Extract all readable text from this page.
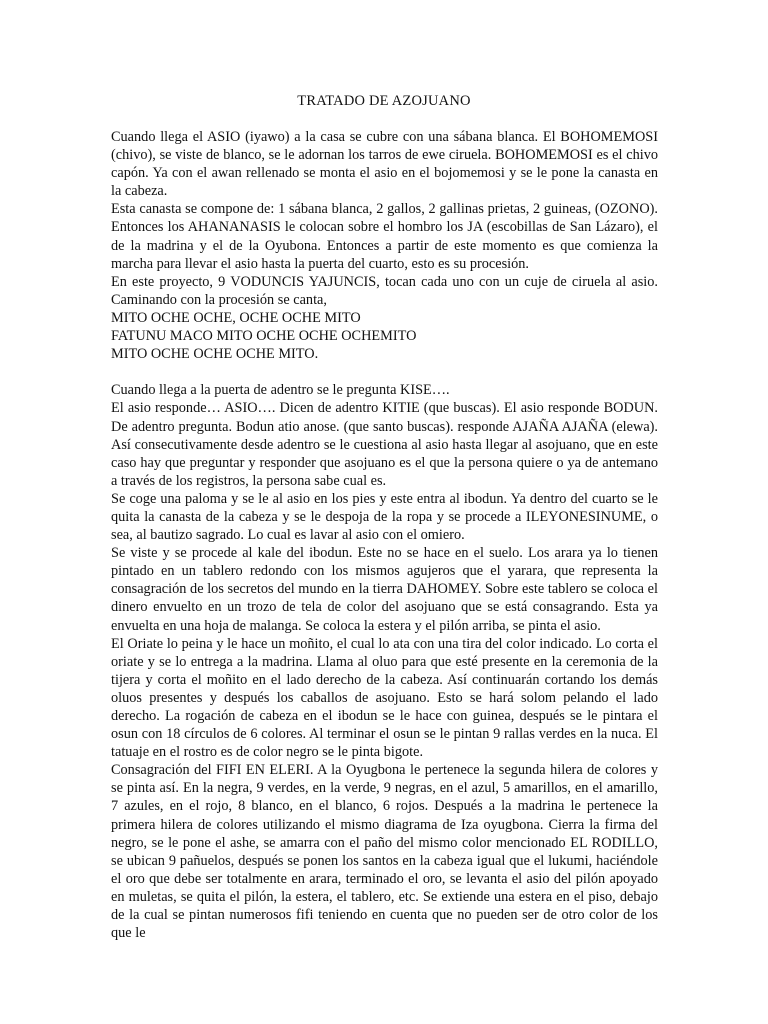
TRATADO DE AZOJUANO

Cuando llega el ASIO (iyawo) a la casa se cubre con una sábana blanca. El BOHOMEMOSI (chivo), se viste de blanco, se le adornan los tarros de ewe ciruela. BOHOMEMOSI es el chivo capón. Ya con el awan rellenado se monta el asio en el bojomemosi y se le pone la canasta en la cabeza.

Esta canasta se compone de: 1 sábana blanca, 2 gallos, 2 gallinas prietas, 2 guineas, (OZONO). Entonces los AHANANASIS le colocan sobre el hombro los JA (escobillas de San Lázaro), el de la madrina y el de la Oyubona. Entonces a partir de este momento es que comienza la marcha para llevar el asio hasta la puerta del cuarto, esto es su procesión.

En este proyecto, 9 VODUNCIS YAJUNCIS, tocan cada uno con un cuje de ciruela al asio. Caminando con la procesión se canta,

MITO OCHE OCHE, OCHE OCHE MITO

FATUNU MACO MITO OCHE OCHE OCHEMITO

MITO OCHE OCHE OCHE MITO.

Cuando llega a la puerta de adentro se le pregunta KISE….

El asio responde… ASIO…. Dicen de adentro KITIE (que buscas). El asio responde BODUN. De adentro pregunta. Bodun atio anose. (que santo buscas). responde AJAÑA AJAÑA (elewa). Así consecutivamente desde adentro se le cuestiona al asio hasta llegar al asojuano, que en este caso hay que preguntar y responder que asojuano es el que la persona quiere o ya de antemano a través de los registros, la persona sabe cual es.

Se coge una paloma y se le al asio en los pies y este entra al ibodun. Ya dentro del cuarto se le quita la canasta de la cabeza y se le despoja de la ropa y se procede a ILEYONESINUME, o sea, al bautizo sagrado. Lo cual es lavar al asio con el omiero.

Se viste y se procede al kale del ibodun. Este no se hace en el suelo. Los arara ya lo tienen pintado en un tablero redondo con los mismos agujeros que el yarara, que representa la consagración de los secretos del mundo en la tierra DAHOMEY. Sobre este tablero se coloca el dinero envuelto en un trozo de tela de color del asojuano que se está consagrando. Esta ya envuelta en una hoja de malanga. Se coloca la estera y el pilón arriba, se pinta el asio.

El Oriate lo peina y le hace un moñito, el cual lo ata con una tira del color indicado. Lo corta el oriate y se lo entrega a la madrina. Llama al oluo para que esté presente en la ceremonia de la tijera y corta el moñito en el lado derecho de la cabeza. Así continuarán cortando los demás oluos presentes y después los caballos de asojuano. Esto se hará solom pelando el lado derecho. La rogación de cabeza en el ibodun se le hace con guinea, después se le pintara el osun con 18 círculos de 6 colores. Al terminar el osun se le pintan 9 rallas verdes en la nuca. El tatuaje en el rostro es de color negro se le pinta bigote.

Consagración del FIFI EN ELERI. A la Oyugbona le pertenece la segunda hilera de colores y se pinta así. En la negra, 9 verdes, en la verde, 9 negras, en el azul, 5 amarillos, en el amarillo, 7 azules, en el rojo, 8 blanco, en el blanco, 6 rojos. Después a la madrina le pertenece la primera hilera de colores utilizando el mismo diagrama de Iza oyugbona. Cierra la firma del negro, se le pone el ashe, se amarra con el paño del mismo color mencionado EL RODILLO, se ubican 9 pañuelos, después se ponen los santos en la cabeza igual que el lukumi, haciéndole el oro que debe ser totalmente en arara, terminado el oro, se levanta el asio del pilón apoyado en muletas, se quita el pilón, la estera, el tablero, etc. Se extiende una estera en el piso, debajo de la cual se pintan numerosos fifi teniendo en cuenta que no pueden ser de otro color de los que le
